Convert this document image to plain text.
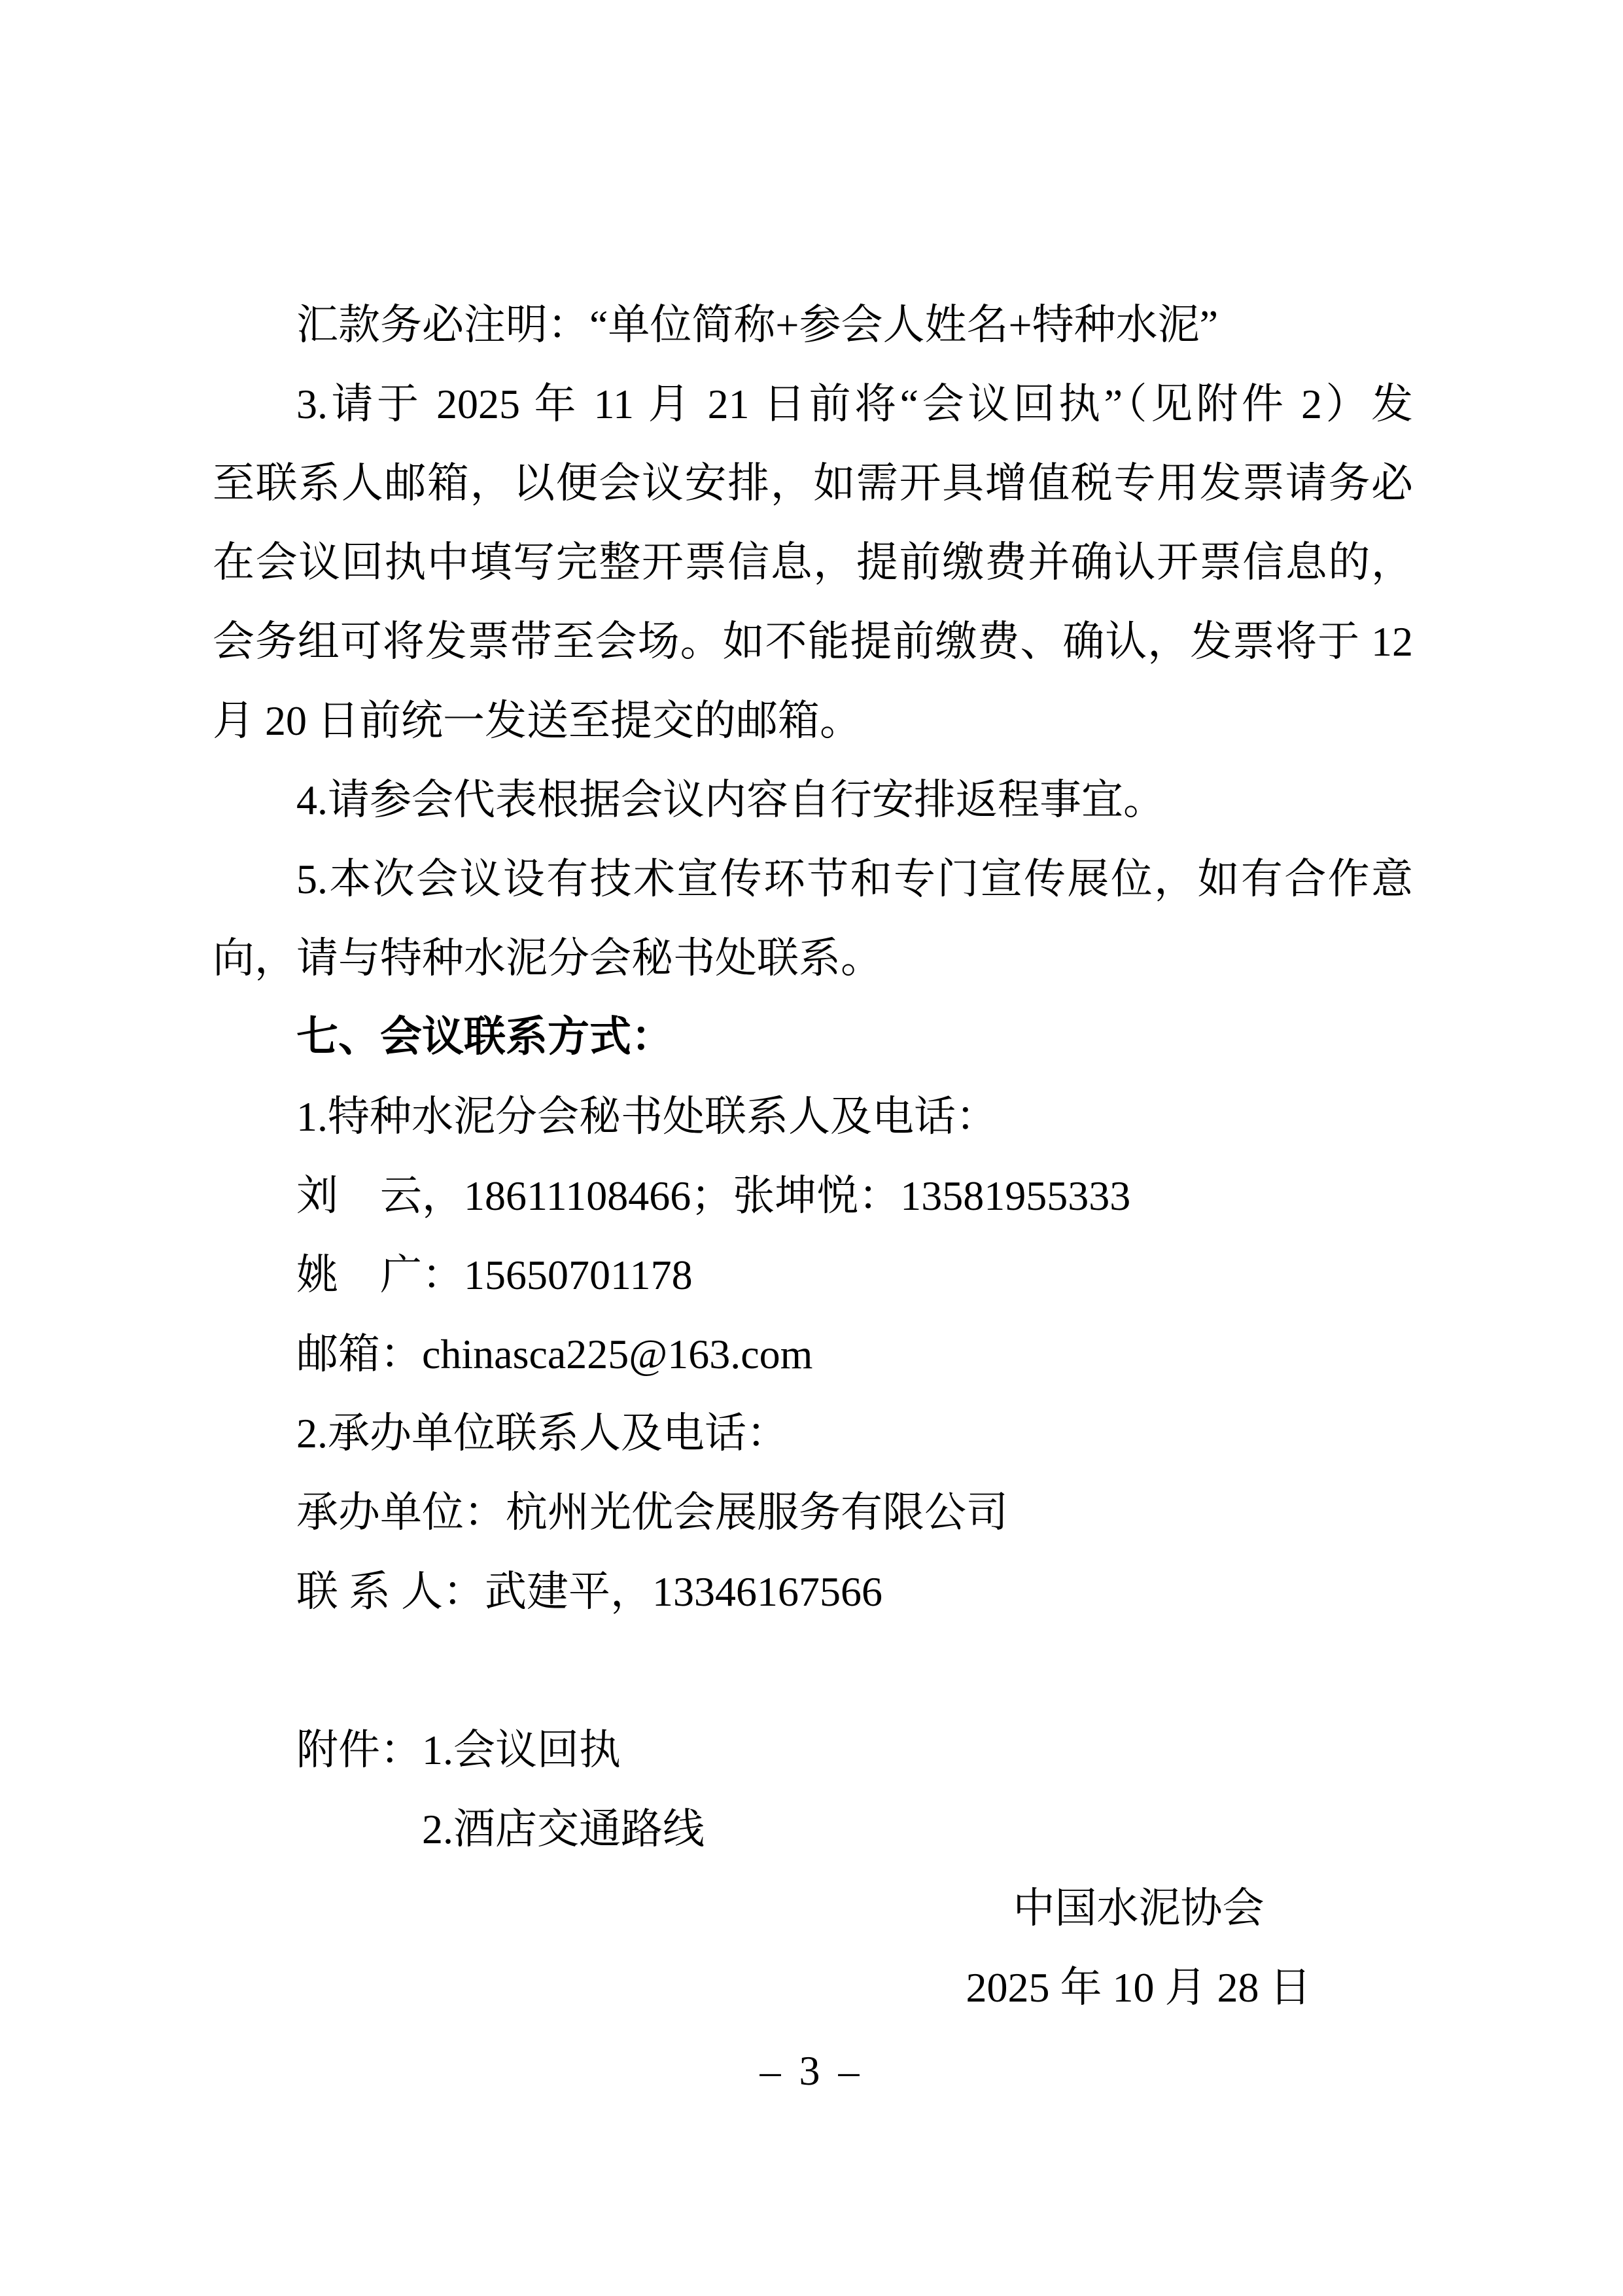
汇款务必注明：“单位简称+参会人姓名+特种水泥”
3.请于 2025 年 11 月 21 日前将“会议回执”（见附件 2）发
至联系人邮箱，以便会议安排，如需开具增值税专用发票请务必
在会议回执中填写完整开票信息，提前缴费并确认开票信息的，
会务组可将发票带至会场。如不能提前缴费、确认，发票将于 12
月 20 日前统一发送至提交的邮箱。
4.请参会代表根据会议内容自行安排返程事宜。
5.本次会议设有技术宣传环节和专门宣传展位，如有合作意
向，请与特种水泥分会秘书处联系。
七、会议联系方式：
1.特种水泥分会秘书处联系人及电话：
刘　云，18611108466；张坤悦：13581955333
姚　广：15650701178
邮箱：chinasca225@163.com
2.承办单位联系人及电话：
承办单位：杭州光优会展服务有限公司
联 系 人：武建平，13346167566
附件：1.会议回执
2.酒店交通路线
中国水泥协会
2025 年 10 月 28 日
– 3 –
